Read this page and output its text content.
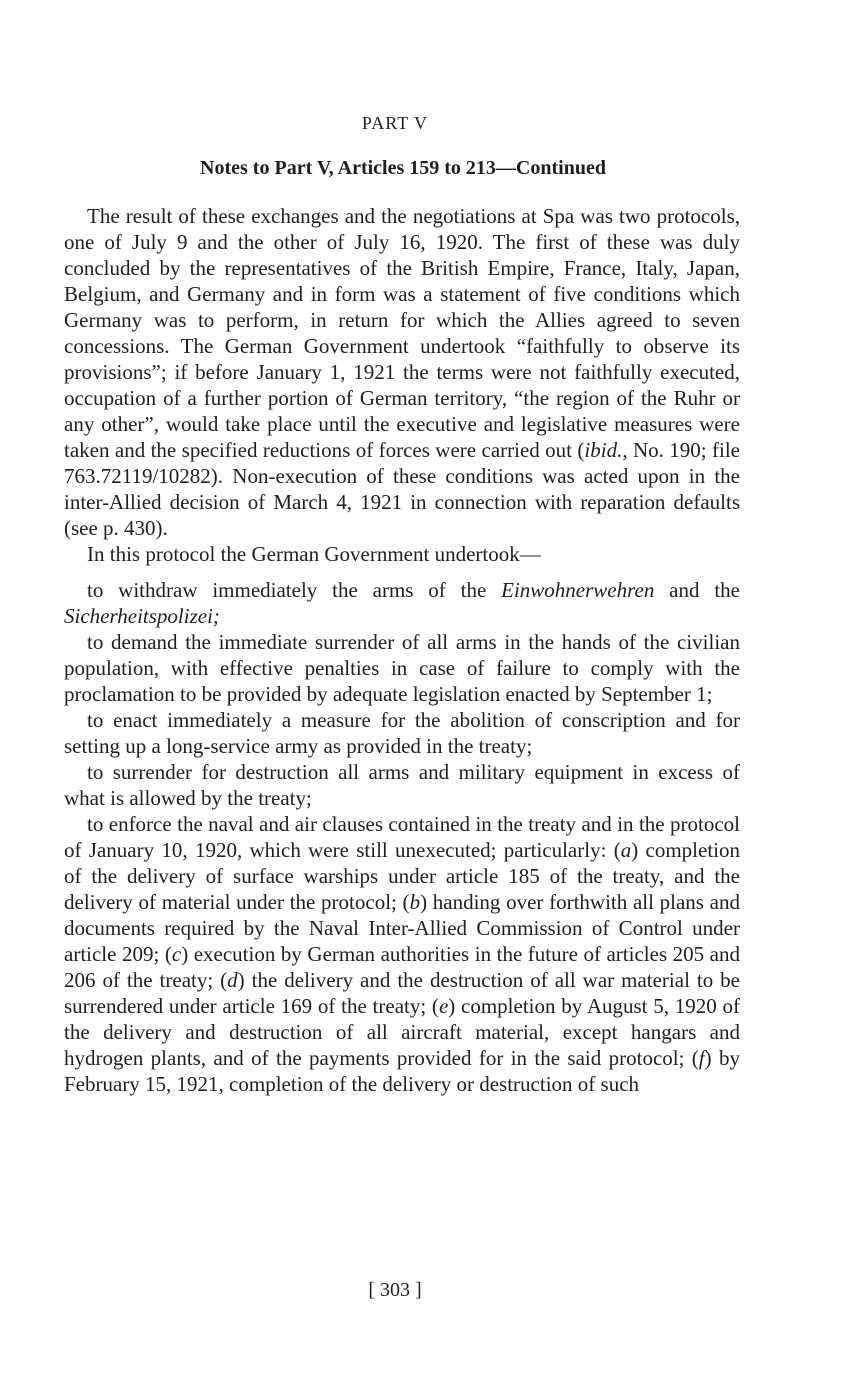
PART V
Notes to Part V, Articles 159 to 213—Continued

The result of these exchanges and the negotiations at Spa was two protocols, one of July 9 and the other of July 16, 1920. The first of these was duly concluded by the representatives of the British Empire, France, Italy, Japan, Belgium, and Germany and in form was a statement of five conditions which Germany was to perform, in return for which the Allies agreed to seven concessions. The German Government undertook “faithfully to observe its provisions”; if before January 1, 1921 the terms were not faithfully executed, occupation of a further portion of German territory, “the region of the Ruhr or any other”, would take place until the executive and legislative measures were taken and the specified reductions of forces were carried out (ibid., No. 190; file 763.72119/10282). Non-execution of these conditions was acted upon in the inter-Allied decision of March 4, 1921 in connection with reparation defaults (see p. 430).

In this protocol the German Government undertook—

to withdraw immediately the arms of the Einwohnerwehren and the Sicherheitspolizei;

to demand the immediate surrender of all arms in the hands of the civilian population, with effective penalties in case of failure to comply with the proclamation to be provided by adequate legislation enacted by September 1;

to enact immediately a measure for the abolition of conscription and for setting up a long-service army as provided in the treaty;

to surrender for destruction all arms and military equipment in excess of what is allowed by the treaty;

to enforce the naval and air clauses contained in the treaty and in the protocol of January 10, 1920, which were still unexecuted; particularly: (a) completion of the delivery of surface warships under article 185 of the treaty, and the delivery of material under the protocol; (b) handing over forthwith all plans and documents required by the Naval Inter-Allied Commission of Control under article 209; (c) execution by German authorities in the future of articles 205 and 206 of the treaty; (d) the delivery and the destruction of all war material to be surrendered under article 169 of the treaty; (e) completion by August 5, 1920 of the delivery and destruction of all aircraft material, except hangars and hydrogen plants, and of the payments provided for in the said protocol; (f) by February 15, 1921, completion of the delivery or destruction of such

[ 303 ]
